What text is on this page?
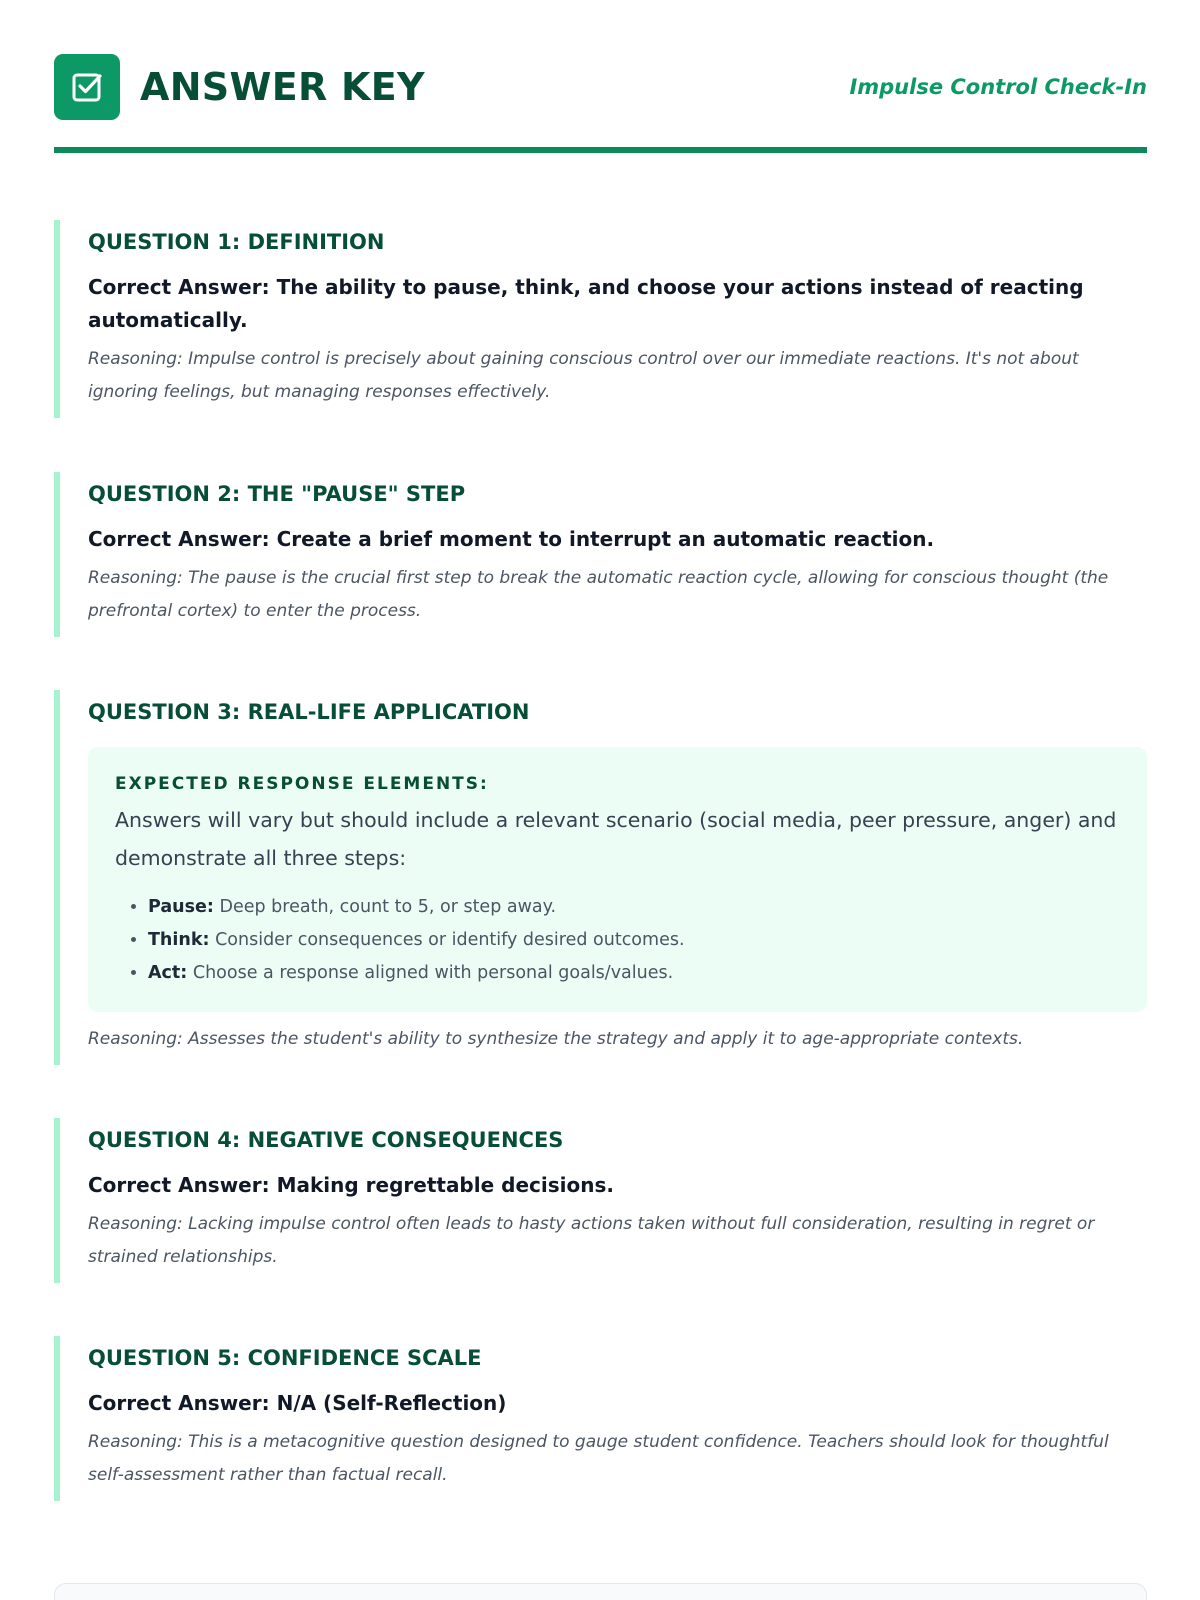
ANSWER KEY	Impulse Control Check-In
QUESTION 1: DEFINITION
Correct Answer: The ability to pause, think, and choose your actions instead of reacting automatically.
Reasoning: Impulse control is precisely about gaining conscious control over our immediate reactions. It's not about ignoring feelings, but managing responses effectively.
QUESTION 2: THE "PAUSE" STEP
Correct Answer: Create a brief moment to interrupt an automatic reaction.
Reasoning: The pause is the crucial first step to break the automatic reaction cycle, allowing for conscious thought (the prefrontal cortex) to enter the process.
QUESTION 3: REAL-LIFE APPLICATION
EXPECTED RESPONSE ELEMENTS:
Answers will vary but should include a relevant scenario (social media, peer pressure, anger) and demonstrate all three steps:
• Pause: Deep breath, count to 5, or step away.
• Think: Consider consequences or identify desired outcomes.
• Act: Choose a response aligned with personal goals/values.
Reasoning: Assesses the student's ability to synthesize the strategy and apply it to age-appropriate contexts.
QUESTION 4: NEGATIVE CONSEQUENCES
Correct Answer: Making regrettable decisions.
Reasoning: Lacking impulse control often leads to hasty actions taken without full consideration, resulting in regret or strained relationships.
QUESTION 5: CONFIDENCE SCALE
Correct Answer: N/A (Self-Reflection)
Reasoning: This is a metacognitive question designed to gauge student confidence. Teachers should look for thoughtful self-assessment rather than factual recall.
